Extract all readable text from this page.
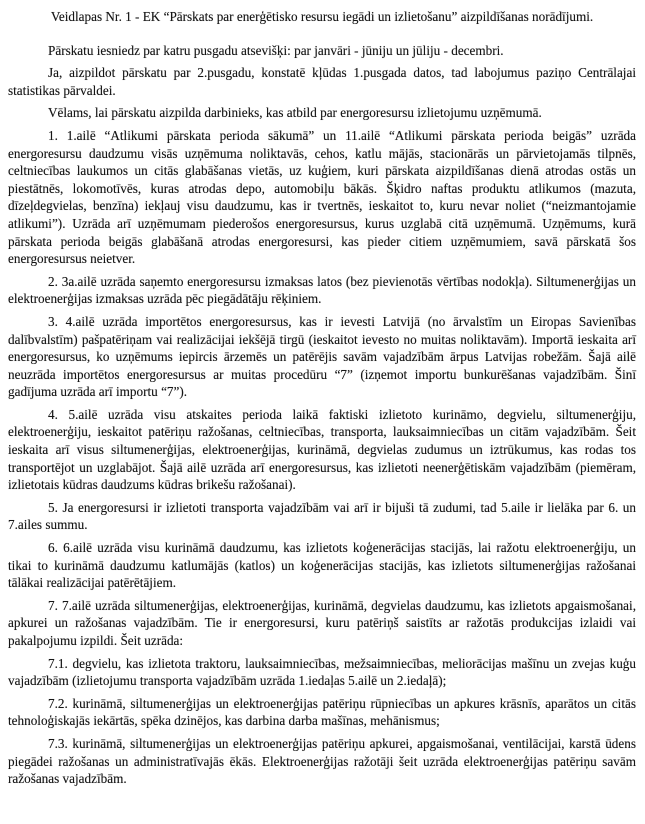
Veidlapas Nr. 1 - EK “Pārskats par enerģētisko resursu iegādi un izlietošanu” aizpildīšanas norādījumi.

Pārskatu iesniedz par katru pusgadu atsevišķi: par janvāri - jūniju un jūliju - decembri.

Ja, aizpildot pārskatu par 2.pusgadu, konstatē kļūdas 1.pusgada datos, tad labojumus paziņo Centrālajai statistikas pārvaldei.

Vēlams, lai pārskatu aizpilda darbinieks, kas atbild par energoresursu izlietojumu uzņēmumā.

1. 1.ailē “Atlikumi pārskata perioda sākumā” un 11.ailē “Atlikumi pārskata perioda beigās” uzrāda energoresursu daudzumu visās uzņēmuma noliktavās, cehos, katlu mājās, stacionārās un pārvietojamās tilpnēs, celtniecības laukumos un citās glabāšanas vietās, uz kuģiem, kuri pārskata aizpildīšanas dienā atrodas ostās un piestātnēs, lokomotīvēs, kuras atrodas depo, automobiļu bākās. Šķidro naftas produktu atlikumos (mazuta, dīzeļdegvielas, benzīna) iekļauj visu daudzumu, kas ir tvertnēs, ieskaitot to, kuru nevar noliet (“neizmantojamie atlikumi”). Uzrāda arī uzņēmumam piederošos energoresursus, kurus uzglabā citā uzņēmumā. Uzņēmums, kurā pārskata perioda beigās glabāšanā atrodas energoresursi, kas pieder citiem uzņēmumiem, savā pārskatā šos energoresursus neietver.

2. 3a.ailē uzrāda saņemto energoresursu izmaksas latos (bez pievienotās vērtības nodokļa). Siltumenerģijas un elektroenerģijas izmaksas uzrāda pēc piegādātāju rēķiniem.

3. 4.ailē uzrāda importētos energoresursus, kas ir ievesti Latvijā (no ārvalstīm un Eiropas Savienības dalībvalstīm) pašpatēriņam vai realizācijai iekšējā tirgū (ieskaitot ievesto no muitas noliktavām). Importā ieskaita arī energoresursus, ko uzņēmums iepircis ārzemēs un patērējis savām vajadzībām ārpus Latvijas robežām. Šajā ailē neuzrāda importētos energoresursus ar muitas procedūru “7” (izņemot importu bunkurēšanas vajadzībām. Šinī gadījuma uzrāda arī importu “7”).

4. 5.ailē uzrāda visu atskaites perioda laikā faktiski izlietoto kurināmo, degvielu, siltumenerģiju, elektroenerģiju, ieskaitot patēriņu ražošanas, celtniecības, transporta, lauksaimniecības un citām vajadzībām. Šeit ieskaita arī visus siltumenerģijas, elektroenerģijas, kurināmā, degvielas zudumus un iztrūkumus, kas rodas tos transportējot un uzglabājot. Šajā ailē uzrāda arī energoresursus, kas izlietoti neenerģētiskām vajadzībām (piemēram, izlietotais kūdras daudzums kūdras brikešu ražošanai).

5. Ja energoresursi ir izlietoti transporta vajadzībām vai arī ir bijuši tā zudumi, tad 5.aile ir lielāka par 6. un 7.ailes summu.

6. 6.ailē uzrāda visu kurināmā daudzumu, kas izlietots koģenerācijas stacijās, lai ražotu elektroenerģiju, un tikai to kurināmā daudzumu katlumājās (katlos) un koģenerācijas stacijās, kas izlietots siltumenerģijas ražošanai tālākai realizācijai patērētājiem.

7. 7.ailē uzrāda siltumenerģijas, elektroenerģijas, kurināmā, degvielas daudzumu, kas izlietots apgaismošanai, apkurei un ražošanas vajadzībām. Tie ir energoresursi, kuru patēriņš saistīts ar ražotās produkcijas izlaidi vai pakalpojumu izpildi. Šeit uzrāda:

7.1. degvielu, kas izlietota traktoru, lauksaimniecības, mežsaimniecības, meliorācijas mašīnu un zvejas kuģu vajadzībām (izlietojumu transporta vajadzībām uzrāda 1.iedaļas 5.ailē un 2.iedaļā);

7.2. kurināmā, siltumenerģijas un elektroenerģijas patēriņu rūpniecības un apkures krāsnīs, aparātos un citās tehnoloģiskajās iekārtās, spēka dzinējos, kas darbina darba mašīnas, mehānismus;

7.3. kurināmā, siltumenerģijas un elektroenerģijas patēriņu apkurei, apgaismošanai, ventilācijai, karstā ūdens piegādei ražošanas un administratīvajās ēkās. Elektroenerģijas ražotāji šeit uzrāda elektroenerģijas patēriņu savām ražošanas vajadzībām.
